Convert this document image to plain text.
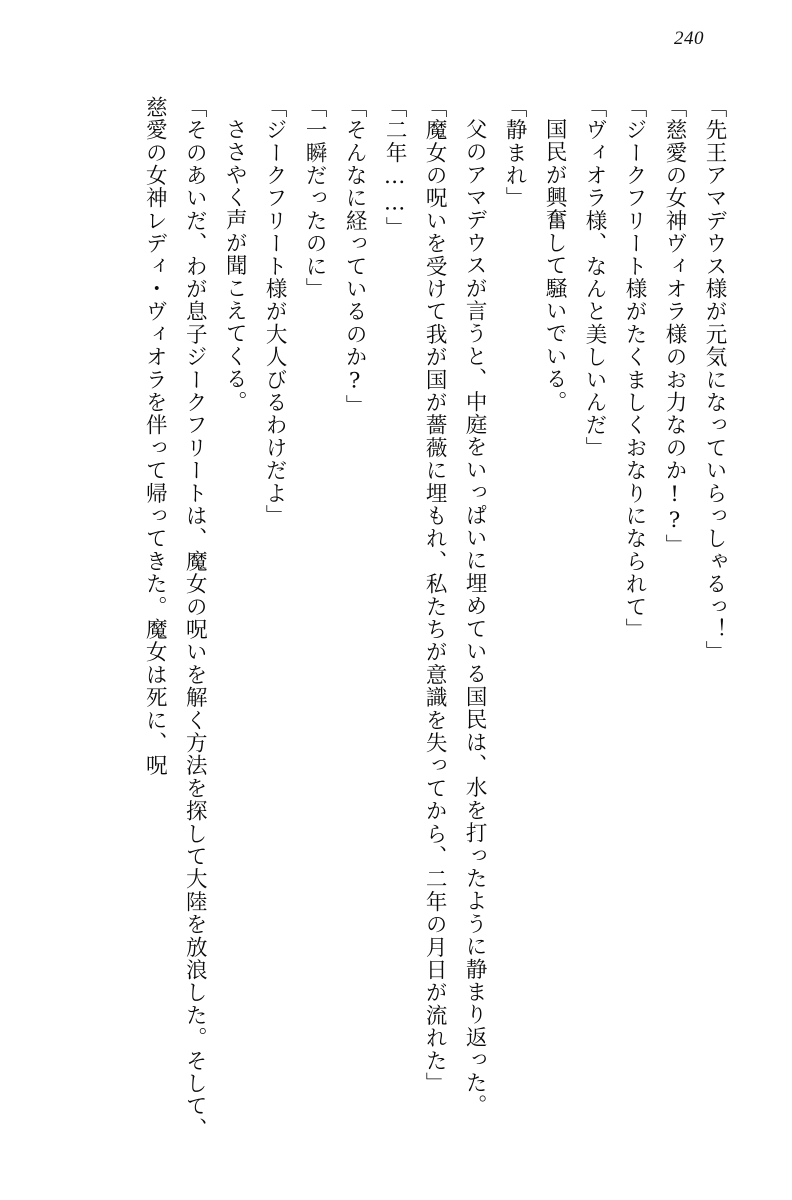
240

「先王アマデウス様が元気になっていらっしゃるっ！」

「慈愛の女神ヴィオラ様のお力なのか!?」

「ジークフリート様がたくましくおなりになられて」

「ヴィオラ様、なんと美しいんだ」

国民が興奮して騒いでいる。

「静まれ」

父のアマデウスが言うと、中庭をいっぱいに埋めている国民は、水を打ったように静まり返った。

「魔女の呪いを受けて我が国が薔薇に埋もれ、私たちが意識を失ってから、二年の月日が流れた」

「二年……」

「そんなに経っているのか?」

「一瞬だったのに」

「ジークフリート様が大人びるわけだよ」

ささやく声が聞こえてくる。

「そのあいだ、わが息子ジークフリートは、魔女の呪いを解く方法を探して大陸を放浪した。そして、慈愛の女神レディ・ヴィオラを伴って帰ってきた。魔女は死に、呪
